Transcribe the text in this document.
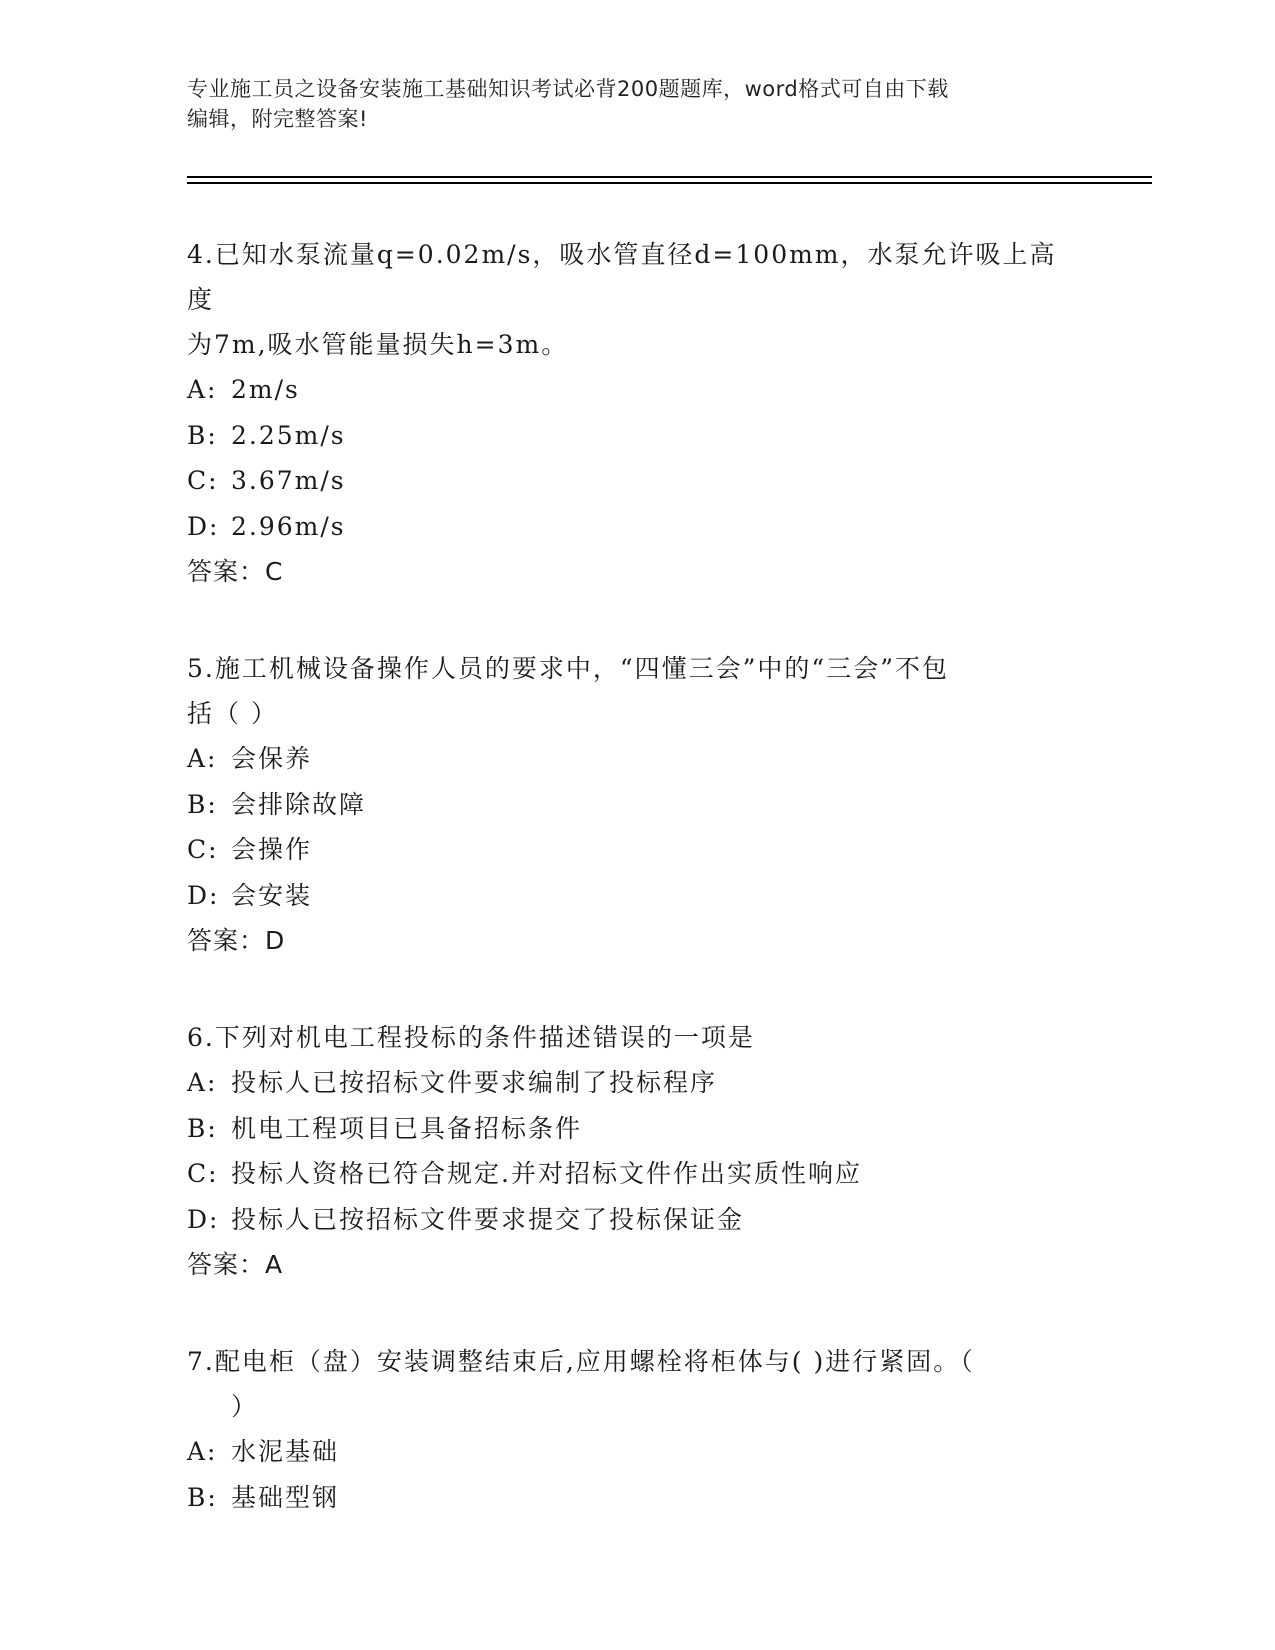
专业施工员之设备安装施工基础知识考试必背200题题库，word格式可自由下载
编辑，附完整答案!
4.已知水泵流量q=0.02m/s，吸水管直径d=100mm，水泵允许吸上高度
为7m,吸水管能量损失h=3m。
A: 2m/s
B: 2.25m/s
C: 3.67m/s
D: 2.96m/s
答案：C
5.施工机械设备操作人员的要求中，“四懂三会”中的“三会”不包
括（ ）
A: 会保养
B: 会排除故障
C: 会操作
D: 会安装
答案：D
6.下列对机电工程投标的条件描述错误的一项是
A: 投标人已按招标文件要求编制了投标程序
B: 机电工程项目已具备招标条件
C: 投标人资格已符合规定.并对招标文件作出实质性响应
D: 投标人已按招标文件要求提交了投标保证金
答案：A
7.配电柜（盘）安装调整结束后,应用螺栓将柜体与( )进行紧固。（
）
A: 水泥基础
B: 基础型钢
